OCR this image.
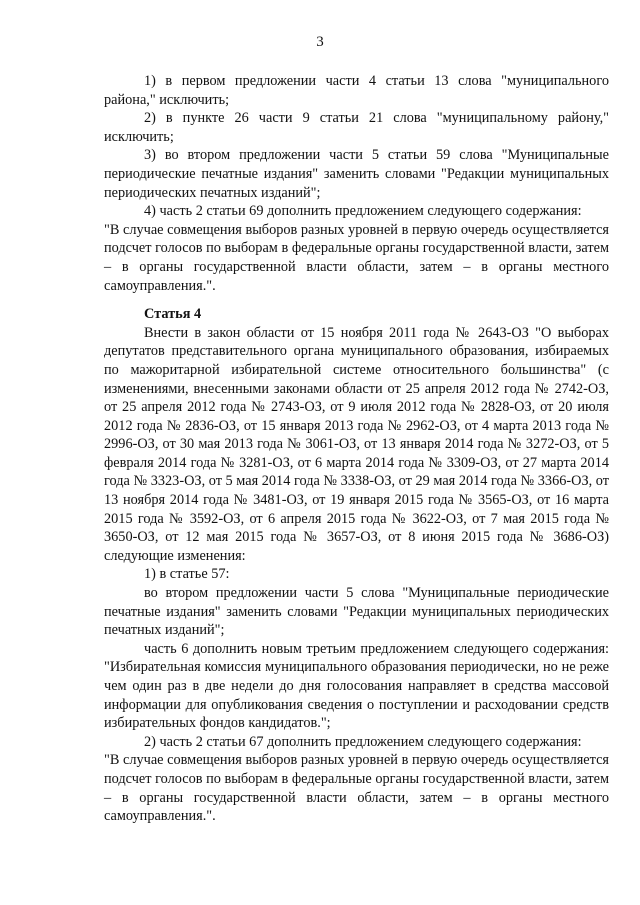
3

1) в первом предложении части 4 статьи 13 слова "муниципального района," исключить;

2) в пункте 26 части 9 статьи 21 слова "муниципальному району," исключить;

3) во втором предложении части 5 статьи 59 слова "Муниципальные периодические печатные издания" заменить словами "Редакции муниципальных периодических печатных изданий";

4) часть 2 статьи 69 дополнить предложением следующего содержания:

"В случае совмещения выборов разных уровней в первую очередь осуществляется подсчет голосов по выборам в федеральные органы государственной власти, затем – в органы государственной власти области, затем – в органы местного самоуправления.".

Статья 4

Внести в закон области от 15 ноября 2011 года № 2643-ОЗ "О выборах депутатов представительного органа муниципального образования, избираемых по мажоритарной избирательной системе относительного большинства" (с изменениями, внесенными законами области от 25 апреля 2012 года № 2742-ОЗ, от 25 апреля 2012 года № 2743-ОЗ, от 9 июля 2012 года № 2828-ОЗ, от 20 июля 2012 года № 2836-ОЗ, от 15 января 2013 года № 2962-ОЗ, от 4 марта 2013 года № 2996-ОЗ, от 30 мая 2013 года № 3061-ОЗ, от 13 января 2014 года № 3272-ОЗ, от 5 февраля 2014 года № 3281-ОЗ, от 6 марта 2014 года № 3309-ОЗ, от 27 марта 2014 года № 3323-ОЗ, от 5 мая 2014 года № 3338-ОЗ, от 29 мая 2014 года № 3366-ОЗ, от 13 ноября 2014 года № 3481-ОЗ, от 19 января 2015 года № 3565-ОЗ, от 16 марта 2015 года № 3592-ОЗ, от 6 апреля 2015 года № 3622-ОЗ, от 7 мая 2015 года № 3650-ОЗ, от 12 мая 2015 года № 3657-ОЗ, от 8 июня 2015 года № 3686-ОЗ) следующие изменения:

1) в статье 57:

во втором предложении части 5 слова "Муниципальные периодические печатные издания" заменить словами "Редакции муниципальных периодических печатных изданий";

часть 6 дополнить новым третьим предложением следующего содержания: "Избирательная комиссия муниципального образования периодически, но не реже чем один раз в две недели до дня голосования направляет в средства массовой информации для опубликования сведения о поступлении и расходовании средств избирательных фондов кандидатов.";

2) часть 2 статьи 67 дополнить предложением следующего содержания:

"В случае совмещения выборов разных уровней в первую очередь осуществляется подсчет голосов по выборам в федеральные органы государственной власти, затем – в органы государственной власти области, затем – в органы местного самоуправления.".
